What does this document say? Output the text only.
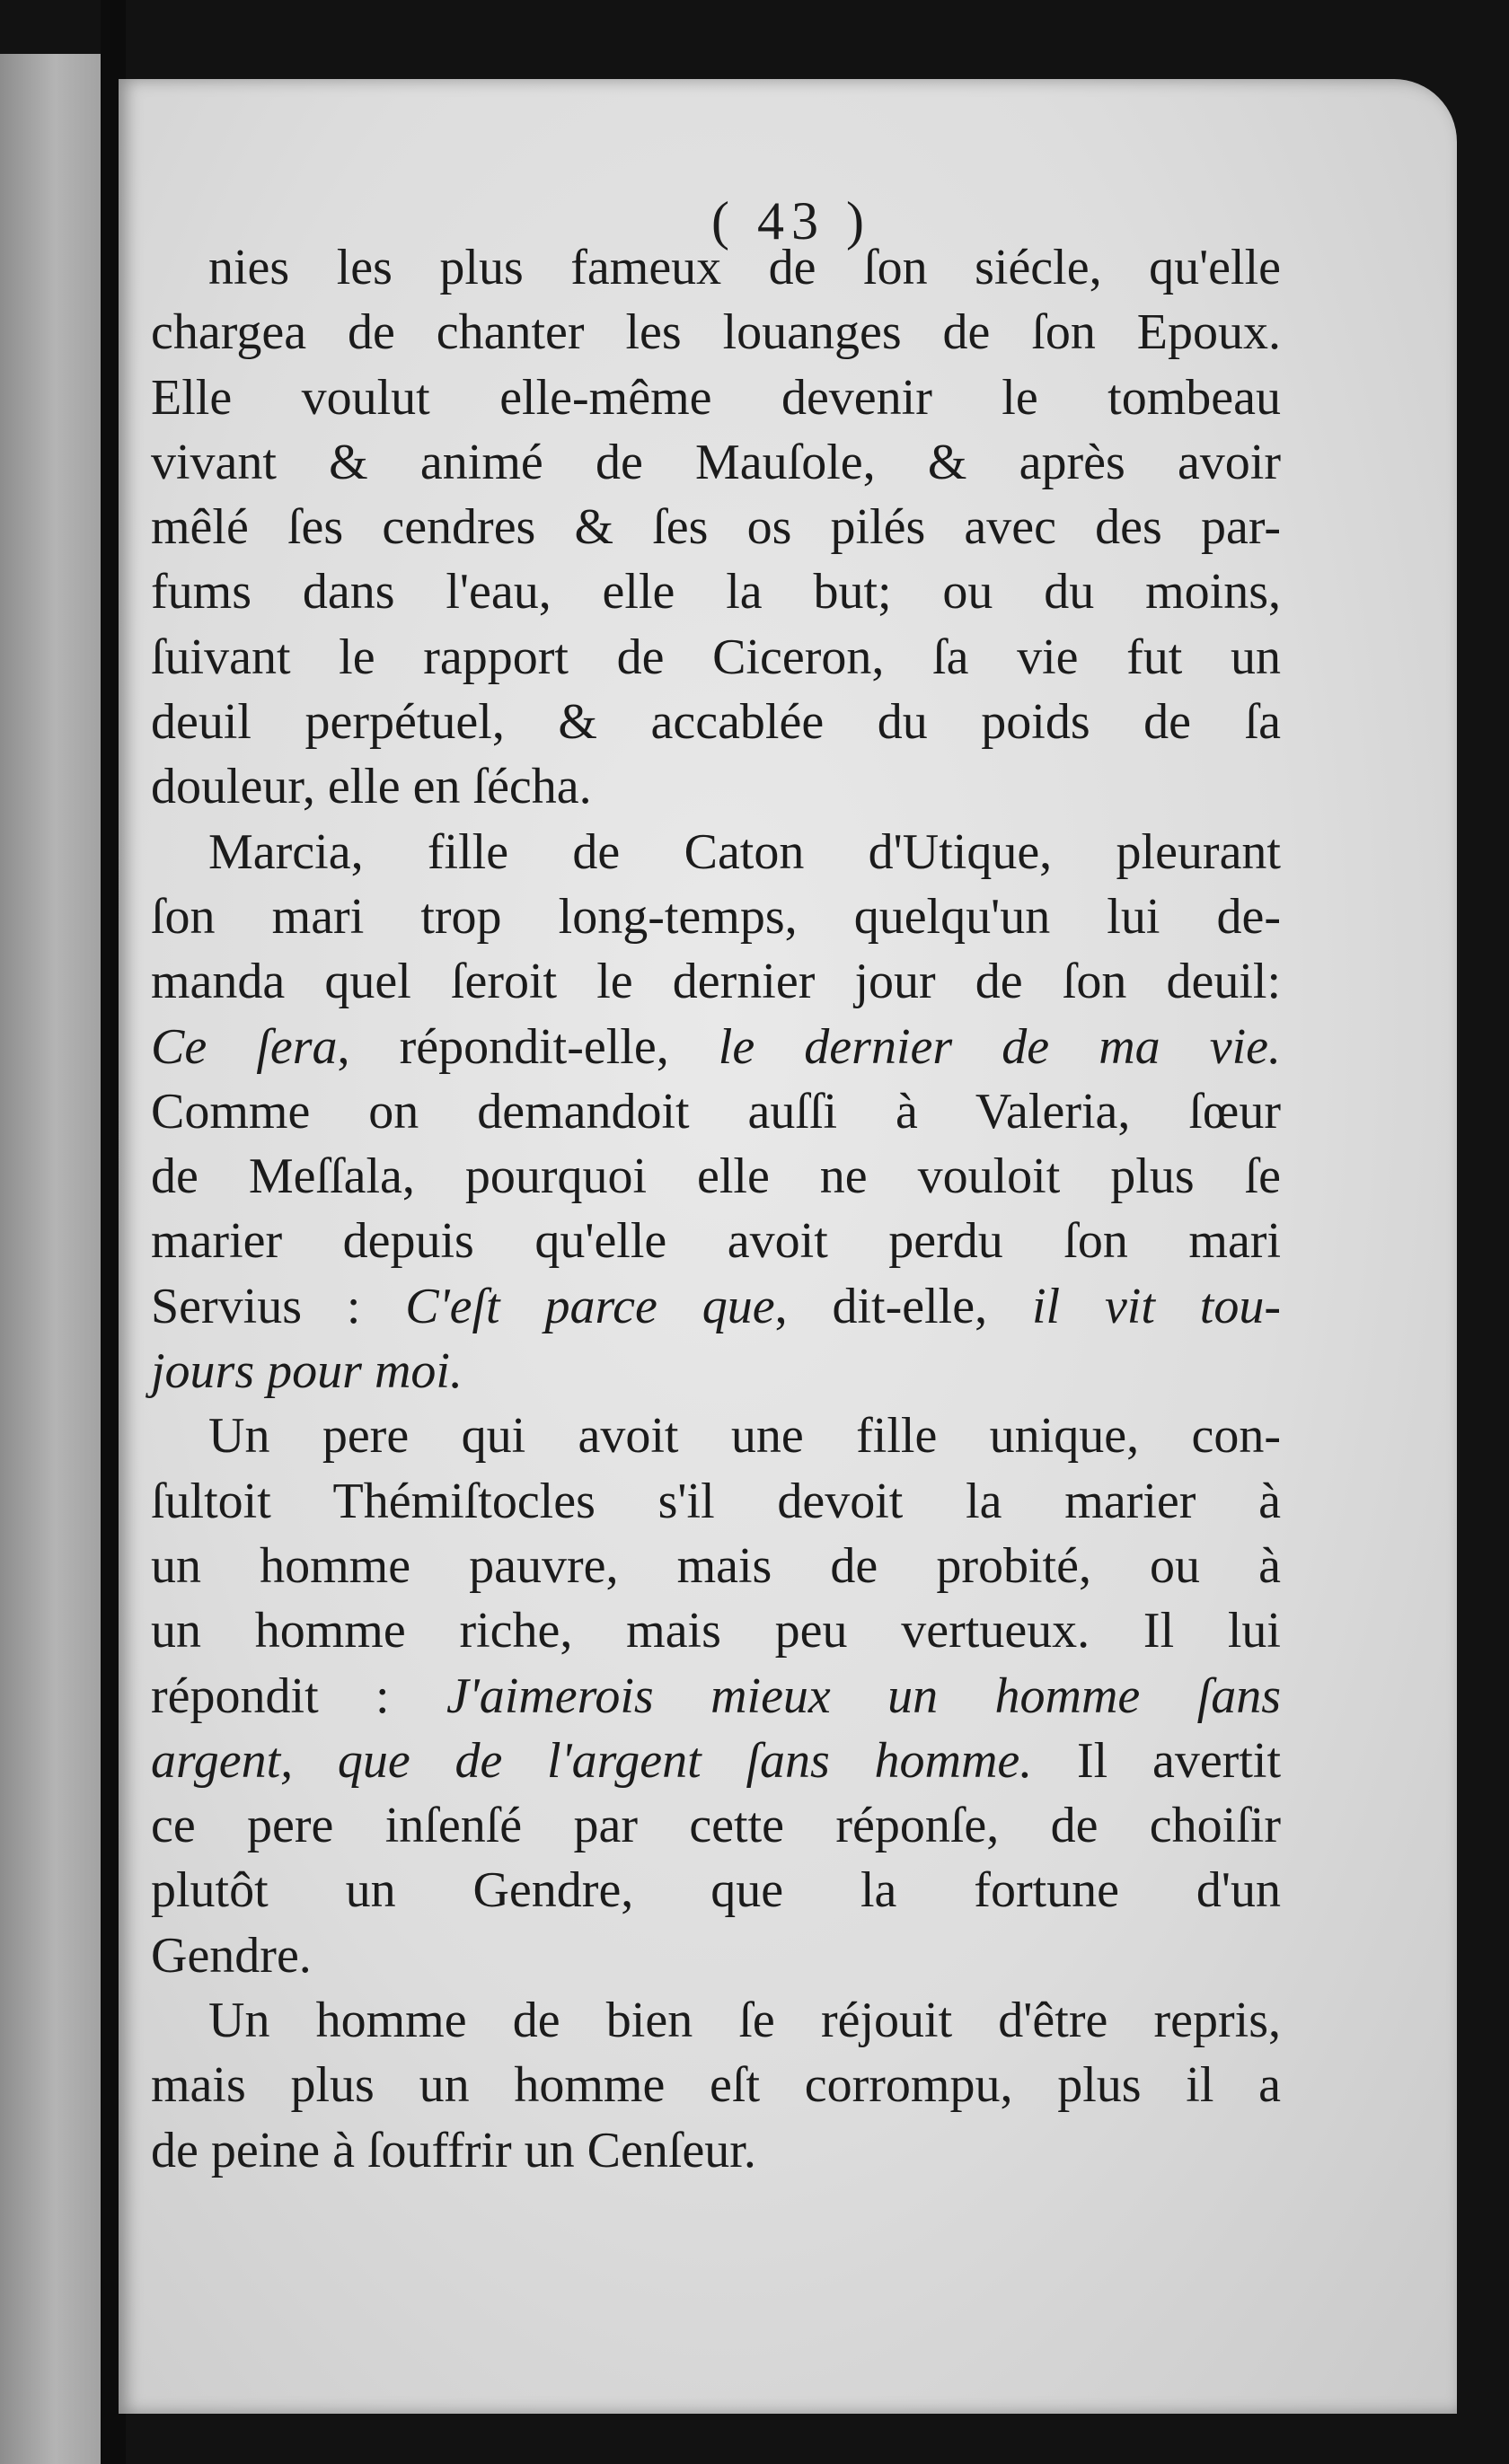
( 43 )

nies les plus fameux de ſon siécle, qu'elle
chargea de chanter les louanges de ſon Epoux.
Elle voulut elle-même devenir le tombeau
vivant & animé de Mauſole, & après avoir
mêlé ſes cendres & ſes os pilés avec des par-
fums dans l'eau, elle la but; ou du moins,
ſuivant le rapport de Ciceron, ſa vie fut un
deuil perpétuel, & accablée du poids de ſa
douleur, elle en ſécha.

Marcia, fille de Caton d'Utique, pleurant
ſon mari trop long-temps, quelqu'un lui de-
manda quel ſeroit le dernier jour de ſon deuil:
Ce ſera, répondit-elle, le dernier de ma vie.
Comme on demandoit auſſi à Valeria, ſœur
de Meſſala, pourquoi elle ne vouloit plus ſe
marier depuis qu'elle avoit perdu ſon mari
Servius : C'eſt parce que, dit-elle, il vit tou-
jours pour moi.

Un pere qui avoit une fille unique, con-
ſultoit Thémiſtocles s'il devoit la marier à
un homme pauvre, mais de probité, ou à
un homme riche, mais peu vertueux. Il lui
répondit : J'aimerois mieux un homme ſans
argent, que de l'argent ſans homme. Il avertit
ce pere inſenſé par cette réponſe, de choiſir
plutôt un Gendre, que la fortune d'un
Gendre.

Un homme de bien ſe réjouit d'être repris,
mais plus un homme eſt corrompu, plus il a
de peine à ſouffrir un Cenſeur.
